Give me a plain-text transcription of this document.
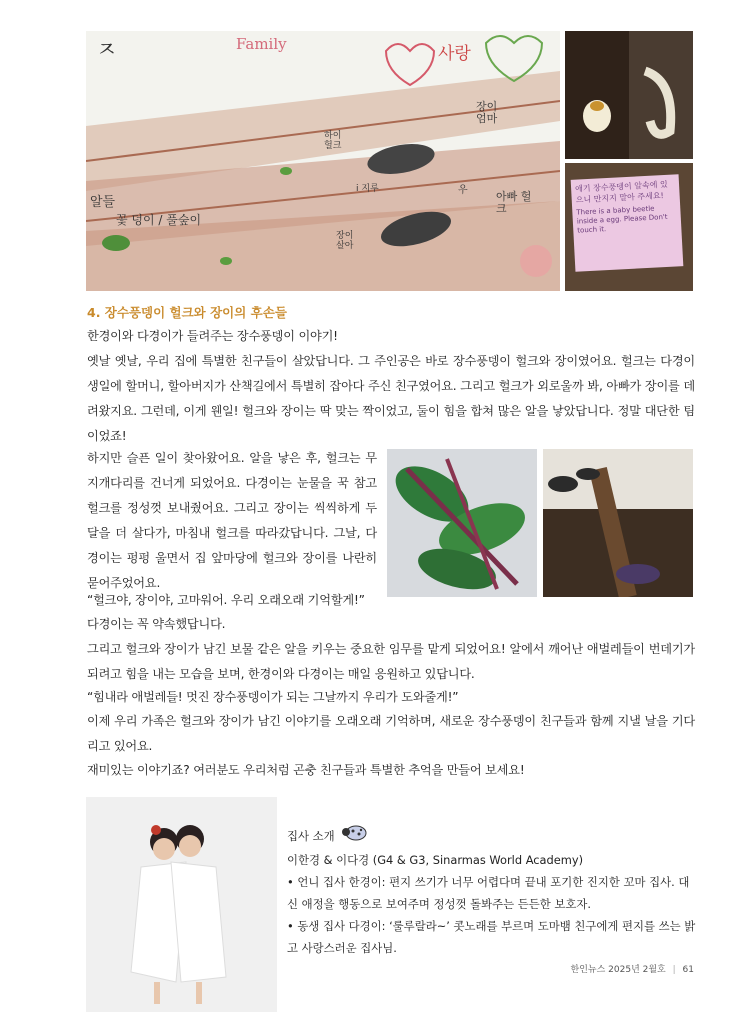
ㅈ	Family	사랑
장이 엄마
아빠 헐크
알들
꽃 덩이 / 풀숲이
하이 헐크
i 지루	우
장이 살아
애기 장수풍뎅이 알속에 있으니 만지지 말아 주세요!
There is a baby beetle inside a egg. Please Don't touch it.
4. 장수풍뎅이 헐크와 장이의 후손들
한경이와 다경이가 들려주는 장수풍뎅이 이야기!
옛날 옛날, 우리 집에 특별한 친구들이 살았답니다. 그 주인공은 바로 장수풍뎅이 헐크와 장이였어요. 헐크는 다경이 생일에 할머니, 할아버지가 산책길에서 특별히 잡아다 주신 친구였어요. 그리고 헐크가 외로울까 봐, 아빠가 장이를 데려왔지요. 그런데, 이게 웬일! 헐크와 장이는 딱 맞는 짝이었고, 둘이 힘을 합쳐 많은 알을 낳았답니다. 정말 대단한 팀이었죠!
하지만 슬픈 일이 찾아왔어요. 알을 낳은 후, 헐크는 무지개다리를 건너게 되었어요. 다경이는 눈물을 꾹 참고 헐크를 정성껏 보내줬어요. 그리고 장이는 씩씩하게 두 달을 더 살다가, 마침내 헐크를 따라갔답니다. 그날, 다경이는 펑펑 울면서 집 앞마당에 헐크와 장이를 나란히 묻어주었어요.
“헐크야, 장이야, 고마워어. 우리 오래오래 기억할게!”
다경이는 꼭 약속했답니다.
그리고 헐크와 장이가 남긴 보물 같은 알을 키우는 중요한 임무를 맡게 되었어요! 알에서 깨어난 애벌레들이 번데기가 되려고 힘을 내는 모습을 보며, 한경이와 다경이는 매일 응원하고 있답니다.
“힘내라 애벌레들! 멋진 장수풍뎅이가 되는 그날까지 우리가 도와줄게!”
이제 우리 가족은 헐크와 장이가 남긴 이야기를 오래오래 기억하며, 새로운 장수풍뎅이 친구들과 함께 지낼 날을 기다리고 있어요.
재미있는 이야기죠? 여러분도 우리처럼 곤충 친구들과 특별한 추억을 만들어 보세요!
집사 소개
이한경 & 이다경 (G4 & G3, Sinarmas World Academy)
• 언니 집사 한경이: 편지 쓰기가 너무 어렵다며 끝내 포기한 진지한 꼬마 집사. 대신 애정을 행동으로 보여주며 정성껏 돌봐주는 든든한 보호자.
• 동생 집사 다경이: ‘룰루랄라~’ 콧노래를 부르며 도마뱀 친구에게 편지를 쓰는 밝고 사랑스러운 집사님.
한인뉴스 2025년 2월호 | 61
